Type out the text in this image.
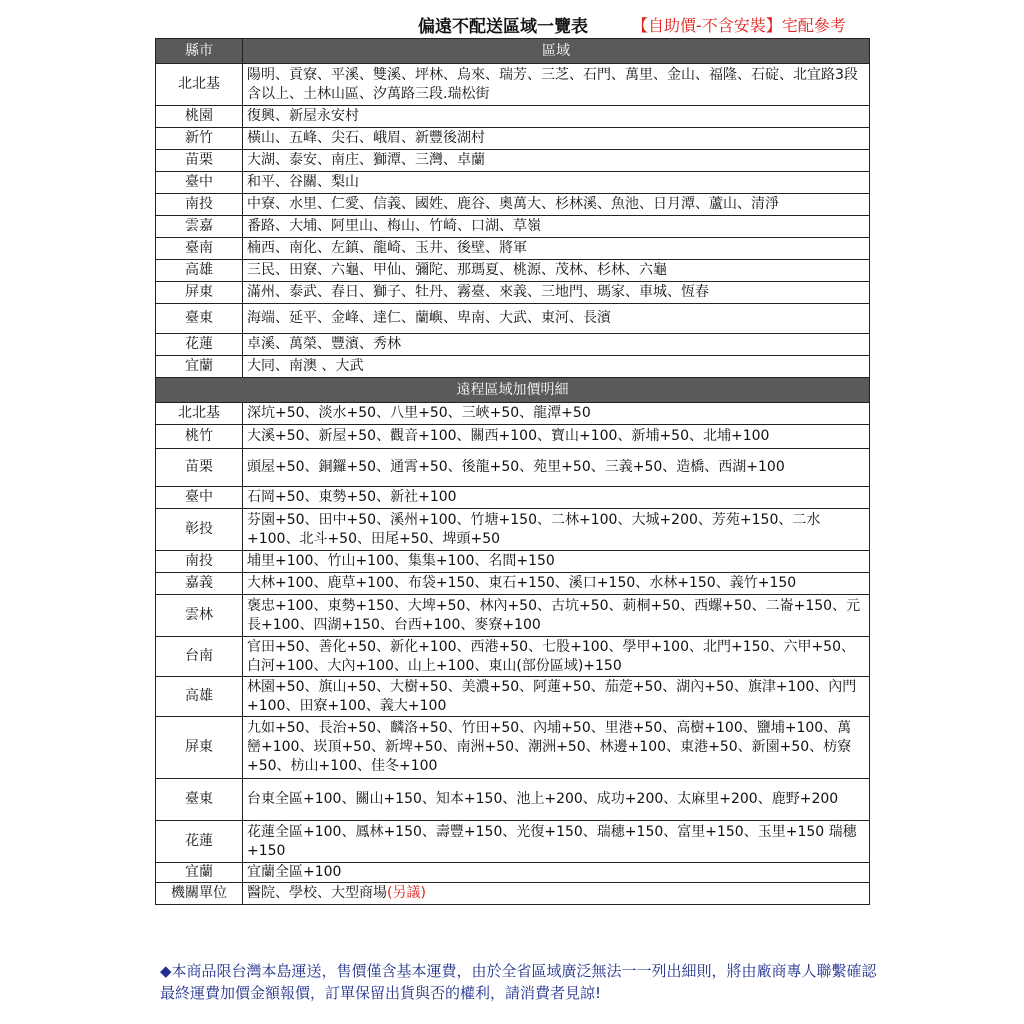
偏遠不配送區域一覽表	【自助價-不含安裝】宅配參考
縣市	區域
北北基	陽明、貢寮、平溪、雙溪、坪林、烏來、瑞芳、三芝、石門、萬里、金山、福隆、石碇、北宜路3段含以上、土林山區、汐萬路三段.瑞松街
桃園	復興、新屋永安村
新竹	橫山、五峰、尖石、峨眉、新豐後湖村
苗栗	大湖、泰安、南庄、獅潭、三灣、卓蘭
臺中	和平、谷關、梨山
南投	中寮、水里、仁愛、信義、國姓、鹿谷、奧萬大、杉林溪、魚池、日月潭、蘆山、清淨
雲嘉	番路、大埔、阿里山、梅山、竹崎、口湖、草嶺
臺南	楠西、南化、左鎮、龍崎、玉井、後壁、將軍
高雄	三民、田寮、六龜、甲仙、彌陀、那瑪夏、桃源、茂林、杉林、六龜
屏東	滿州、泰武、春日、獅子、牡丹、霧臺、來義、三地門、瑪家、車城、恆春
臺東	海端、延平、金峰、達仁、蘭嶼、卑南、大武、東河、長濱
花蓮	卓溪、萬榮、豐濱、秀林
宜蘭	大同、南澳 、大武
遠程區域加價明細	
北北基	深坑+50、淡水+50、八里+50、三峽+50、龍潭+50
桃竹	大溪+50、新屋+50、觀音+100、關西+100、寶山+100、新埔+50、北埔+100
苗栗	頭屋+50、銅鑼+50、通霄+50、後龍+50、苑里+50、三義+50、造橋、西湖+100
臺中	石岡+50、東勢+50、新社+100
彰投	芬園+50、田中+50、溪州+100、竹塘+150、二林+100、大城+200、芳苑+150、二水+100、北斗+50、田尾+50、埤頭+50
南投	埔里+100、竹山+100、集集+100、名間+150
嘉義	大林+100、鹿草+100、布袋+150、東石+150、溪口+150、水林+150、義竹+150
雲林	褒忠+100、東勢+150、大埤+50、林內+50、古坑+50、莿桐+50、西螺+50、二崙+150、元長+100、四湖+150、台西+100、麥寮+100
台南	官田+50、善化+50、新化+100、西港+50、七股+100、學甲+100、北門+150、六甲+50、白河+100、大內+100、山上+100、東山(部份區域)+150
高雄	林園+50、旗山+50、大樹+50、美濃+50、阿蓮+50、茄萣+50、湖內+50、旗津+100、內門+100、田寮+100、義大+100
屏東	九如+50、長治+50、麟洛+50、竹田+50、內埔+50、里港+50、高樹+100、鹽埔+100、萬巒+100、崁頂+50、新埤+50、南洲+50、潮洲+50、林邊+100、東港+50、新園+50、枋寮+50、枋山+100、佳冬+100
臺東	台東全區+100、關山+150、知本+150、池上+200、成功+200、太麻里+200、鹿野+200
花蓮	花蓮全區+100、鳳林+150、壽豐+150、光復+150、瑞穗+150、富里+150、玉里+150 瑞穗+150
宜蘭	宜蘭全區+100
機關單位	醫院、學校、大型商場(另議)
◆本商品限台灣本島運送，售價僅含基本運費，由於全省區域廣泛無法一一列出細則，將由廠商專人聯繫確認最終運費加價金額報價，訂單保留出貨與否的權利，請消費者見諒!
